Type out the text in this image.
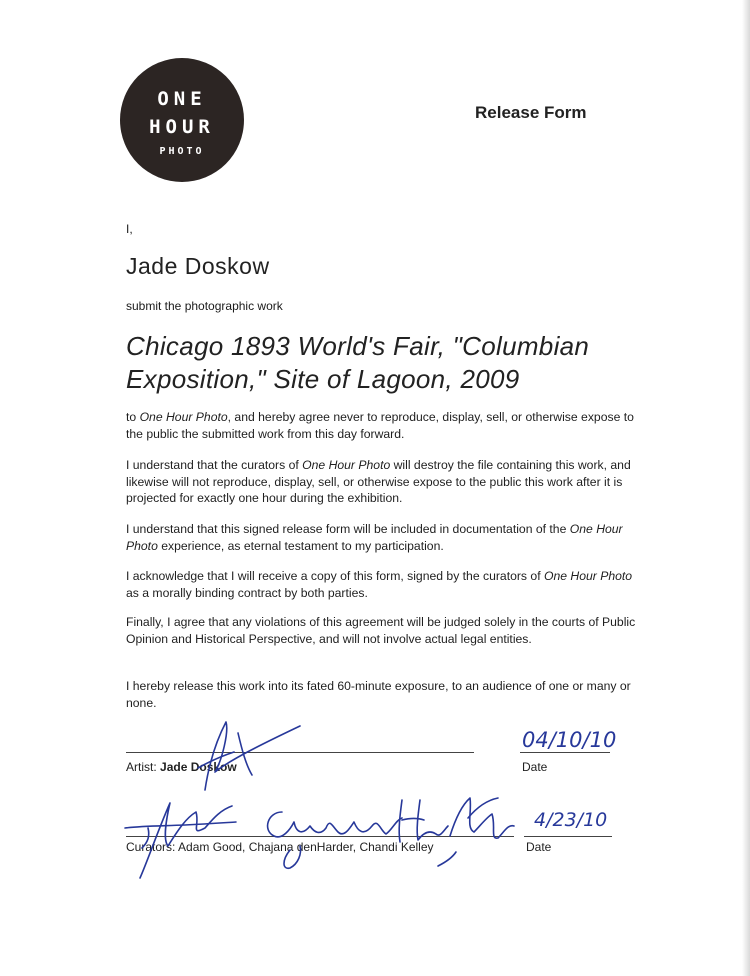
ONE
HOUR
PHOTO
Release Form
I,
Jade Doskow
submit the photographic work
Chicago 1893 World's Fair, "Columbian
Exposition," Site of Lagoon, 2009
to One Hour Photo, and hereby agree never to reproduce, display, sell, or otherwise expose to the public the submitted work from this day forward.
I understand that the curators of One Hour Photo will destroy the file containing this work, and likewise will not reproduce, display, sell, or otherwise expose to the public this work after it is projected for exactly one hour during the exhibition.
I understand that this signed release form will be included in documentation of the One Hour Photo experience, as eternal testament to my participation.
I acknowledge that I will receive a copy of this form, signed by the curators of One Hour Photo as a morally binding contract by both parties.
Finally, I agree that any violations of this agreement will be judged solely in the courts of Public Opinion and Historical Perspective, and will not involve actual legal entities.
I hereby release this work into its fated 60-minute exposure, to an audience of one or many or none.
Artist: Jade Doskow	Date
04/10/10
Curators: Adam Good, Chajana denHarder, Chandi Kelley	Date
4/23/10
